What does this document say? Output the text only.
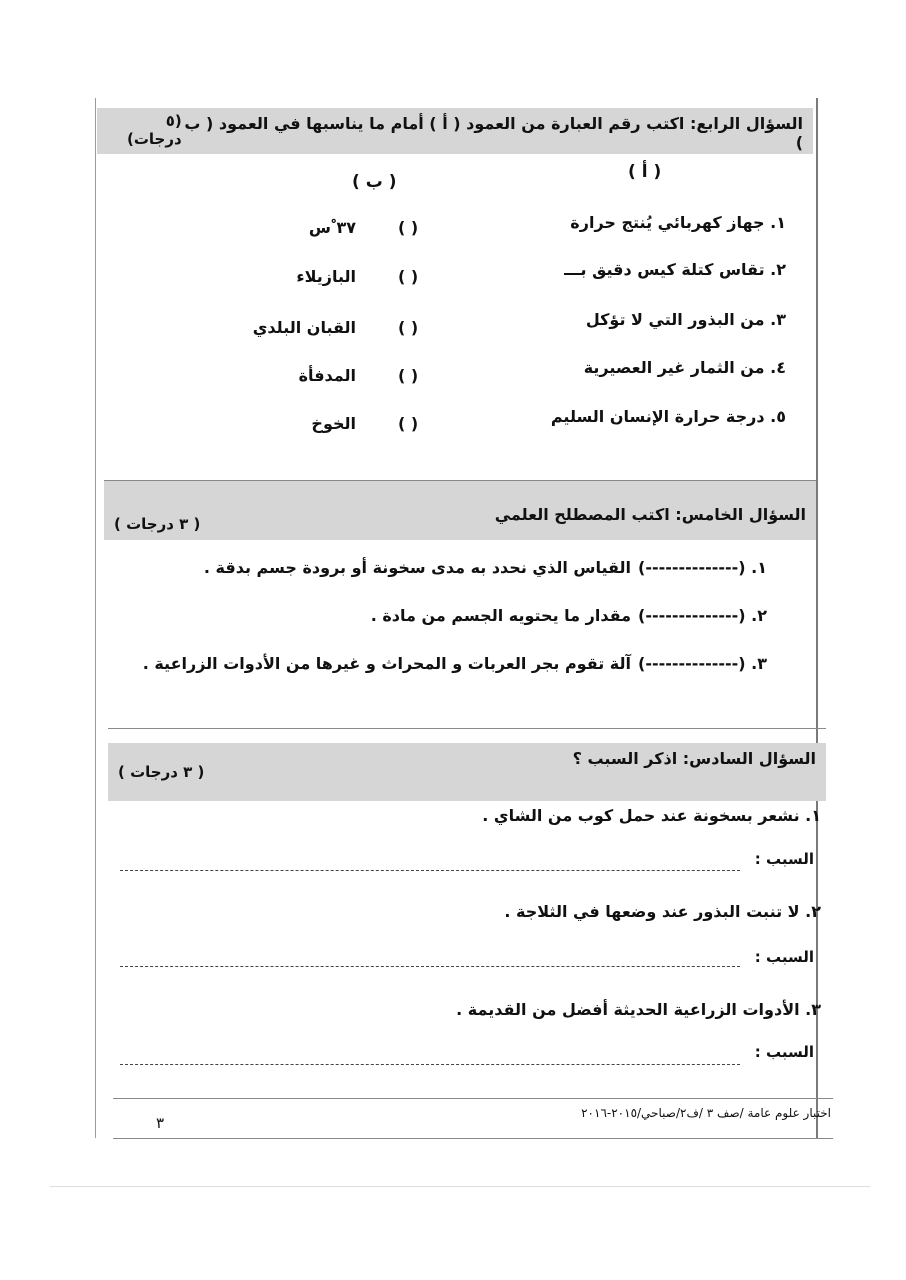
السؤال الرابع: اكتب رقم العبارة من العمود ( أ ) أمام ما يناسبها في العمود ( ب )
(٥ درجات)
( أ )
( ب )
١. جهاز كهربائي يُنتج حرارة
( )
٣٧ ْس
٢. تقاس كتلة كيس دقيق بـــ
( )
البازيلاء
٣. من البذور التي لا تؤكل
( )
القبان البلدي
٤. من الثمار غير العصيرية
( )
المدفأة
٥. درجة حرارة الإنسان السليم
( )
الخوخ
السؤال الخامس: اكتب المصطلح العلمي
( ٣ درجات )
١. (--------------)
القياس الذي نحدد به مدى سخونة أو برودة جسم بدقة .
٢. (--------------)
مقدار ما يحتويه الجسم من مادة .
٣. (--------------)
آلة تقوم بجر العربات و المحراث و غيرها من الأدوات الزراعية .
السؤال السادس: اذكر السبب ؟
( ٣ درجات )
١. نشعر بسخونة عند حمل كوب من الشاي .
السبب :
٢. لا تنبت البذور عند وضعها في الثلاجة .
السبب :
٣. الأدوات الزراعية الحديثة أفضل من القديمة .
السبب :
اختبار علوم عامة /صف ٣ /ف٢/صباحي/٢٠١٥-٢٠١٦
٣
